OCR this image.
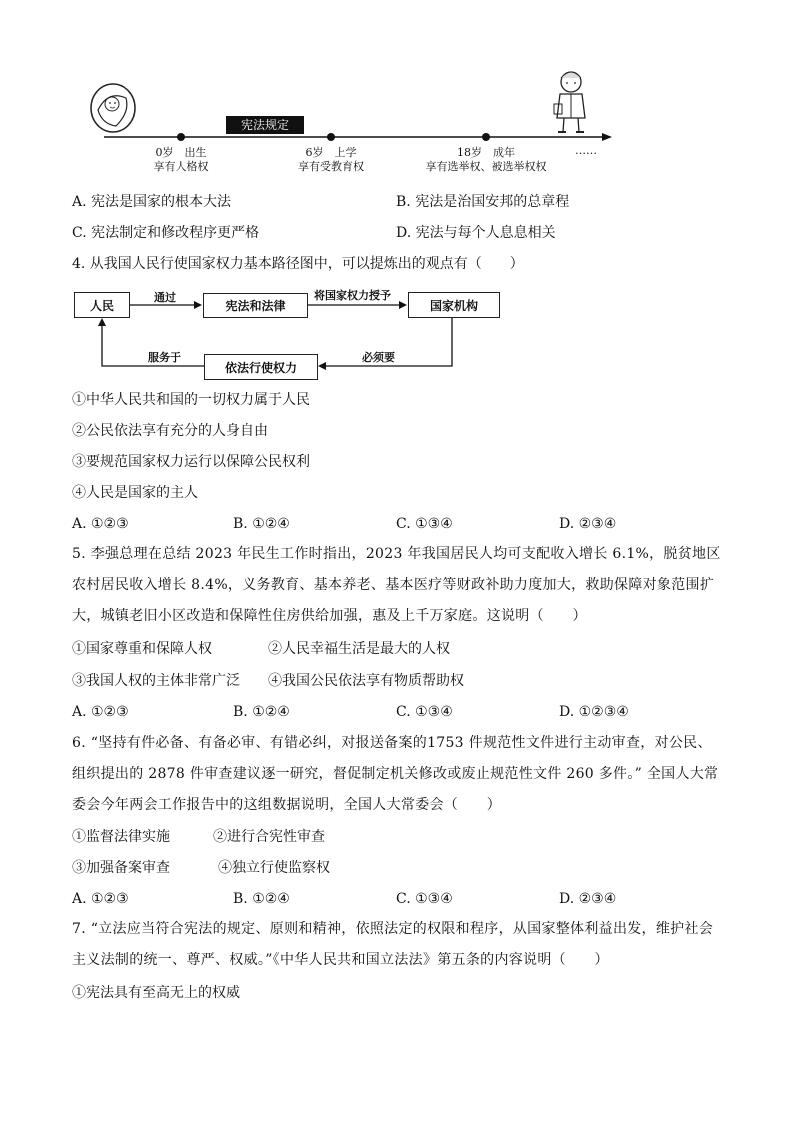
宪法规定
0岁　出生
享有人格权
6岁　上学
享有受教育权
18岁　成年
享有选举权、被选举权权
……
A. 宪法是国家的根本大法	B. 宪法是治国安邦的总章程
C. 宪法制定和修改程序更严格	D. 宪法与每个人息息相关
4. 从我国人民行使国家权力基本路径图中，可以提炼出的观点有（　　）
人民	宪法和法律	国家机构
依法行使权力
通过	将国家权力授予
必须要
服务于
①中华人民共和国的一切权力属于人民
②公民依法享有充分的人身自由
③要规范国家权力运行以保障公民权利
④人民是国家的主人
A. ①②③	B. ①②④	C. ①③④	D. ②③④
5. 李强总理在总结 2023 年民生工作时指出，2023 年我国居民人均可支配收入增长 6.1%，脱贫地区农村居民收入增长 8.4%，义务教育、基本养老、基本医疗等财政补助力度加大，救助保障对象范围扩大，城镇老旧小区改造和保障性住房供给加强，惠及上千万家庭。这说明（　　）
①国家尊重和保障人权	②人民幸福生活是最大的人权
③我国人权的主体非常广泛 ④我国公民依法享有物质帮助权
A. ①②③	B. ①②④	C. ①③④	D. ①②③④
6. “坚持有件必备、有备必审、有错必纠，对报送备案的1753 件规范性文件进行主动审查，对公民、组织提出的 2878 件审查建议逐一研究，督促制定机关修改或废止规范性文件 260 多件。” 全国人大常委会今年两会工作报告中的这组数据说明，全国人大常委会（　　）
①监督法律实施	②进行合宪性审查
③加强备案审查	④独立行使监察权
A. ①②③	B. ①②④	C. ①③④	D. ②③④
7. “立法应当符合宪法的规定、原则和精神，依照法定的权限和程序，从国家整体利益出发，维护社会主义法制的统一、尊严、权威。”《中华人民共和国立法法》第五条的内容说明（　　）
①宪法具有至高无上的权威
